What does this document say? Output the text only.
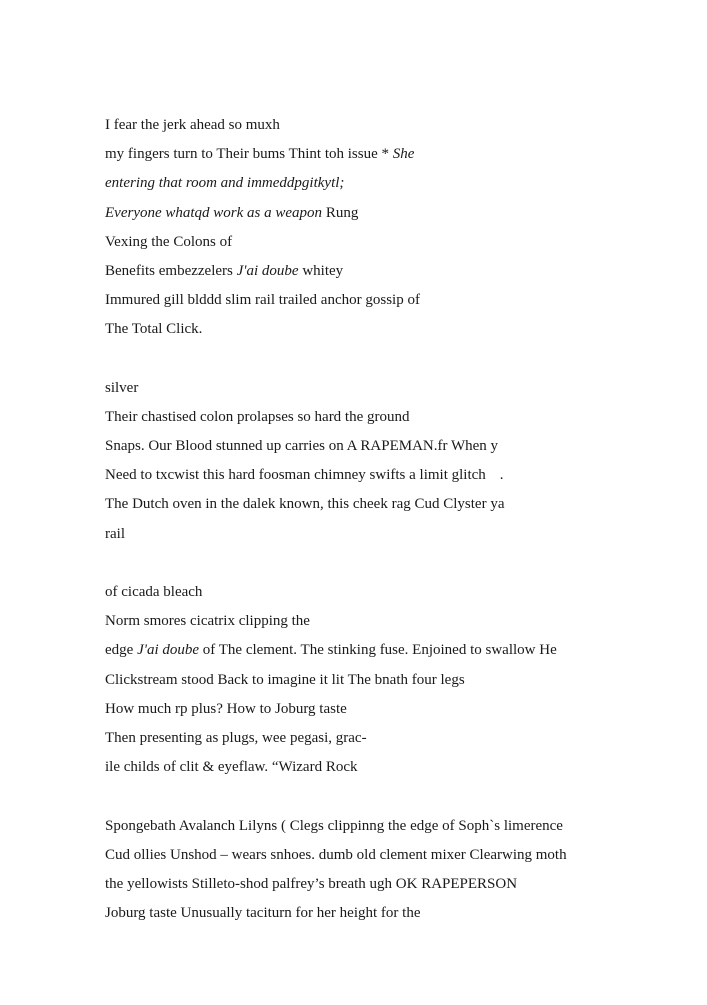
I fear the jerk ahead so muxh
my fingers turn to Their bums Thint toh issue * She
entering that room and immeddpgitkytl;
Everyone whatqd work as a weapon Rung
Vexing the Colons of
Benefits embezzelers J'ai doube whitey
Immured gill blddd slim rail trailed anchor gossip of
The Total Click.
silver
Their chastised colon prolapses so hard the ground
Snaps. Our Blood stunned up carries on A RAPEMAN.fr When y
Need to txcwist this hard foosman chimney swifts a limit glitch .
The Dutch oven in the dalek known, this cheek rag Cud Clyster ya
rail
of cicada bleach
Norm smores cicatrix clipping the
edge J'ai doube of The clement. The stinking fuse. Enjoined to swallow He
Clickstream stood Back to imagine it lit The bnath four legs
How much rp plus? How to Joburg taste
Then presenting as plugs, wee pegasi, grac-
ile childs of clit & eyeflaw. “Wizard Rock
Spongebath Avalanch Lilyns ( Clegs clippinng the edge of Soph`s limerence
Cud ollies Unshod – wears snhoes. dumb old clement mixer Clearwing moth
the yellowists Stilleto-shod palfrey’s breath ugh OK RAPEPERSON
Joburg taste Unusually taciturn for her height for the
